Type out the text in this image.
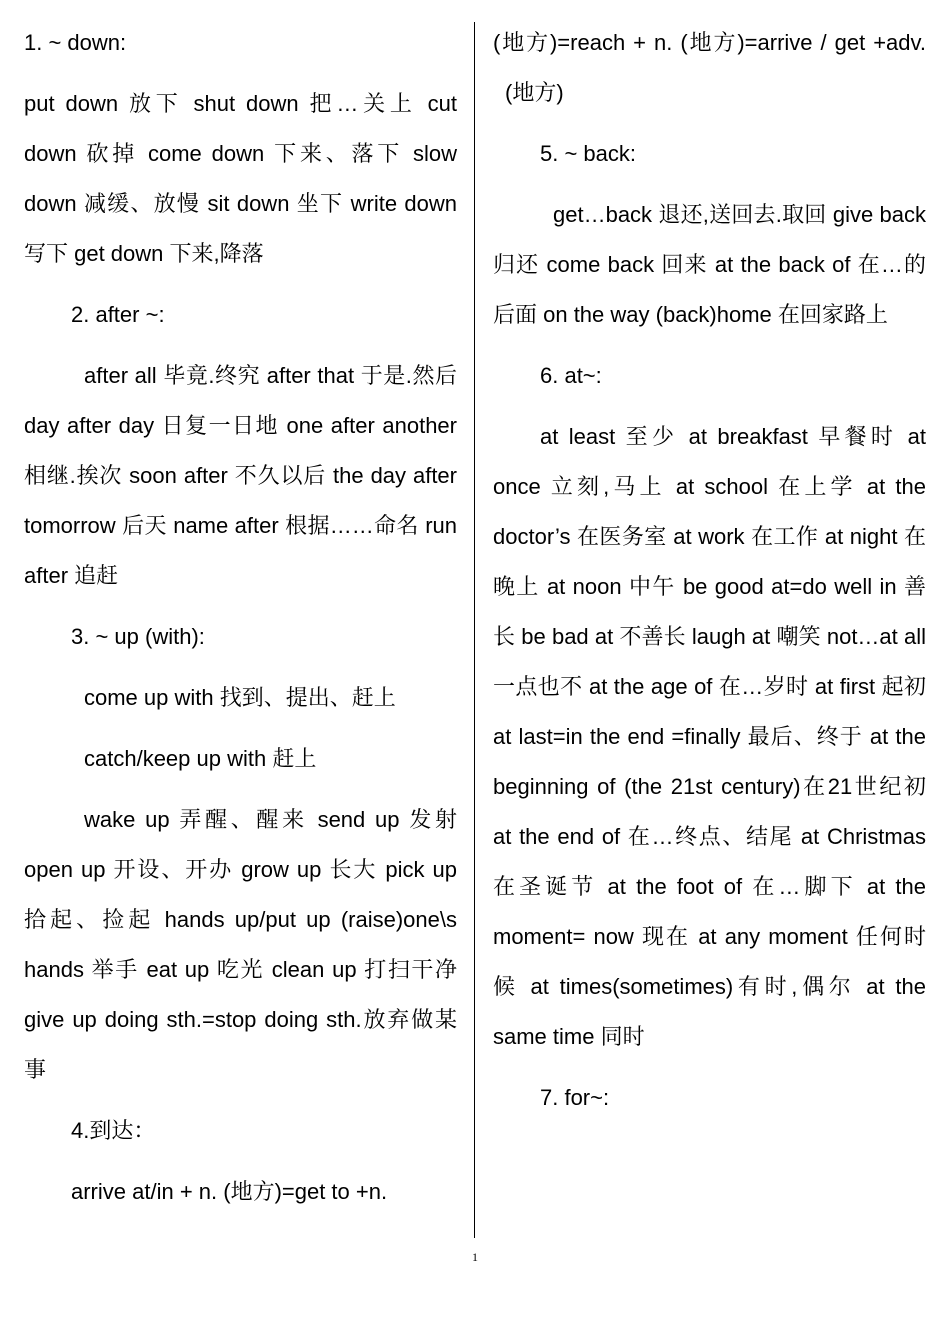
1. ~ down:

put down 放下 shut down 把…关上 cut down 砍掉 come down 下来、落下 slow down 减缓、放慢 sit down 坐下 write down 写下 get down 下来,降落

2. after ~:

after all 毕竟.终究 after that 于是.然后 day after day 日复一日地 one after another 相继.挨次 soon after 不久以后 the day after tomorrow 后天 name after 根据……命名 run after 追赶

3. ~ up (with):

come up with 找到、提出、赶上

catch/keep up with 赶上

wake up 弄醒、醒来 send up 发射 open up 开设、开办 grow up 长大 pick up 拾起、捡起 hands up/put up (raise)one\s hands 举手 eat up 吃光 clean up 打扫干净 give up doing sth.=stop doing sth.放弃做某事

4.到达：

arrive at/in + n. (地方)=get to +n.

(地方)=reach + n. (地方)=arrive / get +adv. (地方)

5. ~ back:

get…back 退还,送回去.取回 give back 归还 come back 回来 at the back of 在…的后面 on the way (back)home 在回家路上

6. at~:

at least 至少 at breakfast 早餐时 at once 立刻,马上 at school 在上学 at the doctor’s 在医务室 at work 在工作 at night 在晚上 at noon 中午 be good at=do well in 善长 be bad at 不善长 laugh at 嘲笑 not…at all 一点也不 at the age of 在…岁时 at first 起初 at last=in the end =finally 最后、终于 at the beginning of (the 21st century)在21世纪初 at the end of 在…终点、结尾 at Christmas 在圣诞节 at the foot of 在…脚下 at the moment= now 现在 at any moment 任何时候 at times(sometimes)有时,偶尔 at the same time 同时

7. for~:

1
